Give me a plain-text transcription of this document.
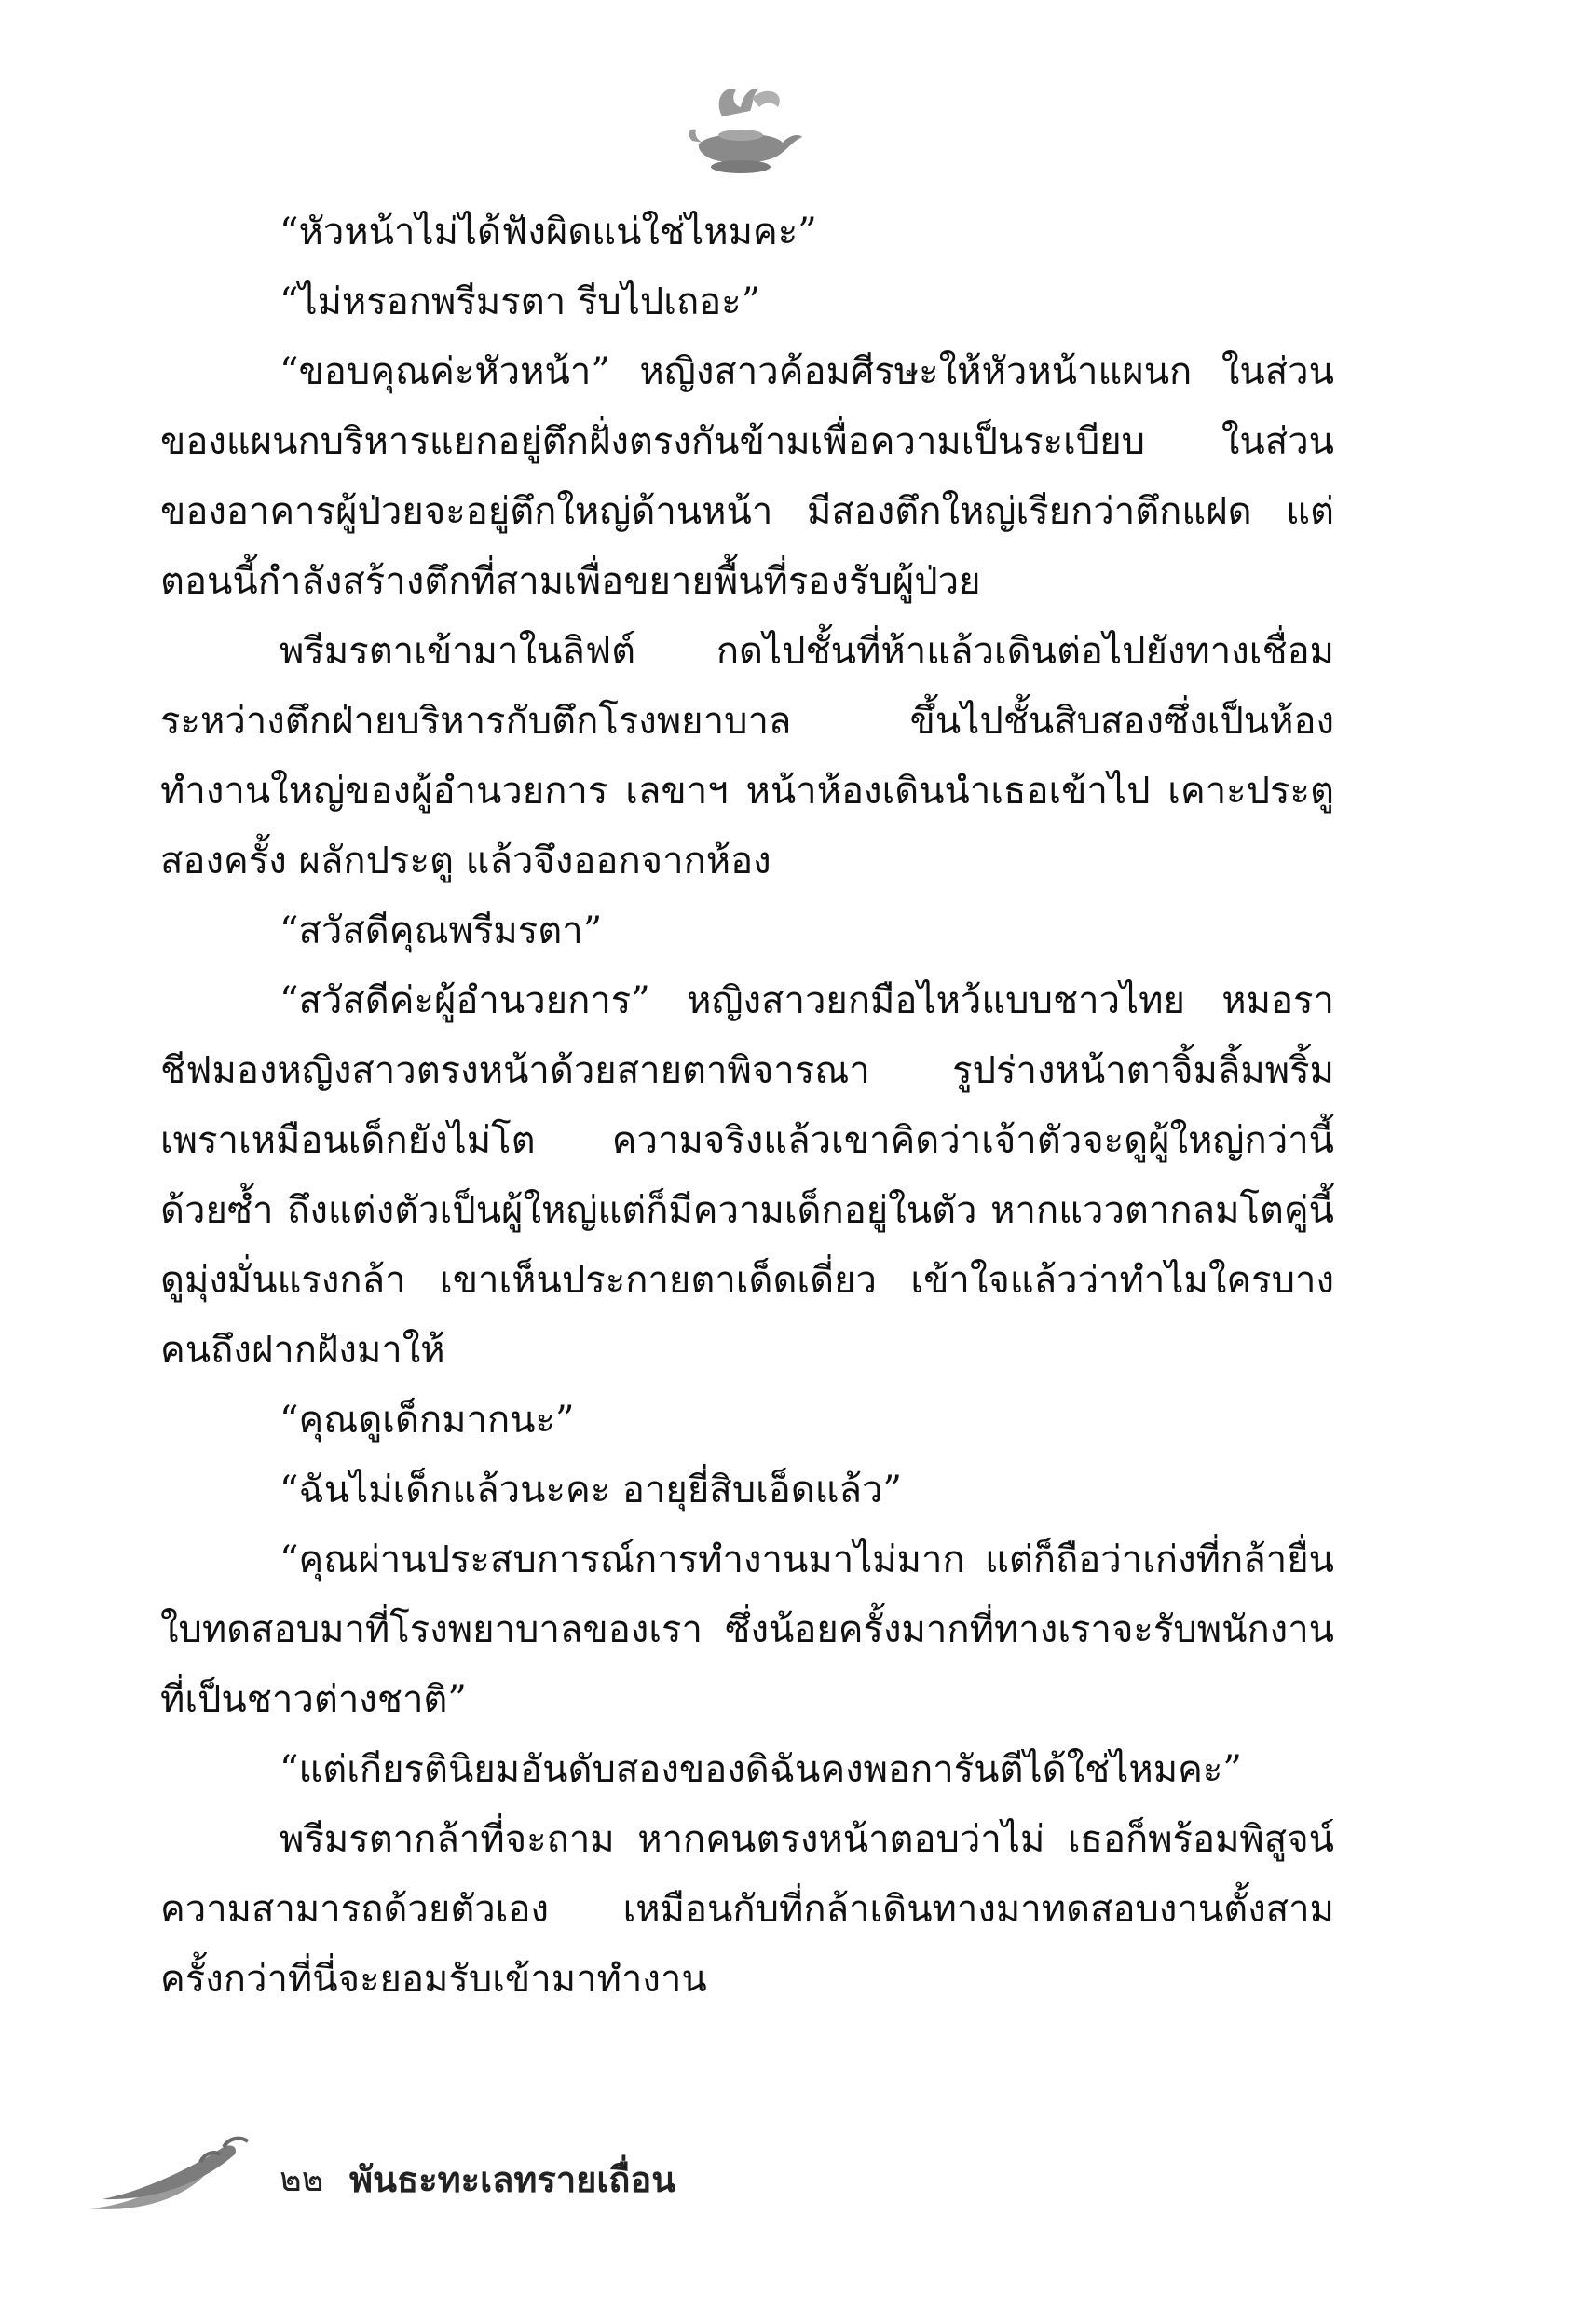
“หัวหน้าไม่ได้ฟังผิดแน่ใช่ไหมคะ”

“ไม่หรอกพรีมรตา รีบไปเถอะ”

“ขอบคุณค่ะหัวหน้า” หญิงสาวค้อมศีรษะให้หัวหน้าแผนก ในส่วนของแผนกบริหารแยกอยู่ตึกฝั่งตรงกันข้ามเพื่อความเป็นระเบียบ ในส่วนของอาคารผู้ป่วยจะอยู่ตึกใหญ่ด้านหน้า มีสองตึกใหญ่เรียกว่าตึกแฝด แต่ตอนนี้กำลังสร้างตึกที่สามเพื่อขยายพื้นที่รองรับผู้ป่วย

พรีมรตาเข้ามาในลิฟต์ กดไปชั้นที่ห้าแล้วเดินต่อไปยังทางเชื่อมระหว่างตึกฝ่ายบริหารกับตึกโรงพยาบาล ขึ้นไปชั้นสิบสองซึ่งเป็นห้องทำงานใหญ่ของผู้อำนวยการ เลขาฯ หน้าห้องเดินนำเธอเข้าไป เคาะประตูสองครั้ง ผลักประตู แล้วจึงออกจากห้อง

“สวัสดีคุณพรีมรตา”

“สวัสดีค่ะผู้อำนวยการ” หญิงสาวยกมือไหว้แบบชาวไทย หมอราชีฟมองหญิงสาวตรงหน้าด้วยสายตาพิจารณา รูปร่างหน้าตาจิ้มลิ้มพริ้มเพราเหมือนเด็กยังไม่โต ความจริงแล้วเขาคิดว่าเจ้าตัวจะดูผู้ใหญ่กว่านี้ด้วยซ้ำ ถึงแต่งตัวเป็นผู้ใหญ่แต่ก็มีความเด็กอยู่ในตัว หากแววตากลมโตคู่นี้ดูมุ่งมั่นแรงกล้า เขาเห็นประกายตาเด็ดเดี่ยว เข้าใจแล้วว่าทำไมใครบางคนถึงฝากฝังมาให้

“คุณดูเด็กมากนะ”

“ฉันไม่เด็กแล้วนะคะ อายุยี่สิบเอ็ดแล้ว”

“คุณผ่านประสบการณ์การทำงานมาไม่มาก แต่ก็ถือว่าเก่งที่กล้ายื่นใบทดสอบมาที่โรงพยาบาลของเรา ซึ่งน้อยครั้งมากที่ทางเราจะรับพนักงานที่เป็นชาวต่างชาติ”

“แต่เกียรตินิยมอันดับสองของดิฉันคงพอการันตีได้ใช่ไหมคะ”

พรีมรตากล้าที่จะถาม หากคนตรงหน้าตอบว่าไม่ เธอก็พร้อมพิสูจน์ความสามารถด้วยตัวเอง เหมือนกับที่กล้าเดินทางมาทดสอบงานตั้งสามครั้งกว่าที่นี่จะยอมรับเข้ามาทำงาน

๒๒ พันธะทะเลทรายเถื่อน
